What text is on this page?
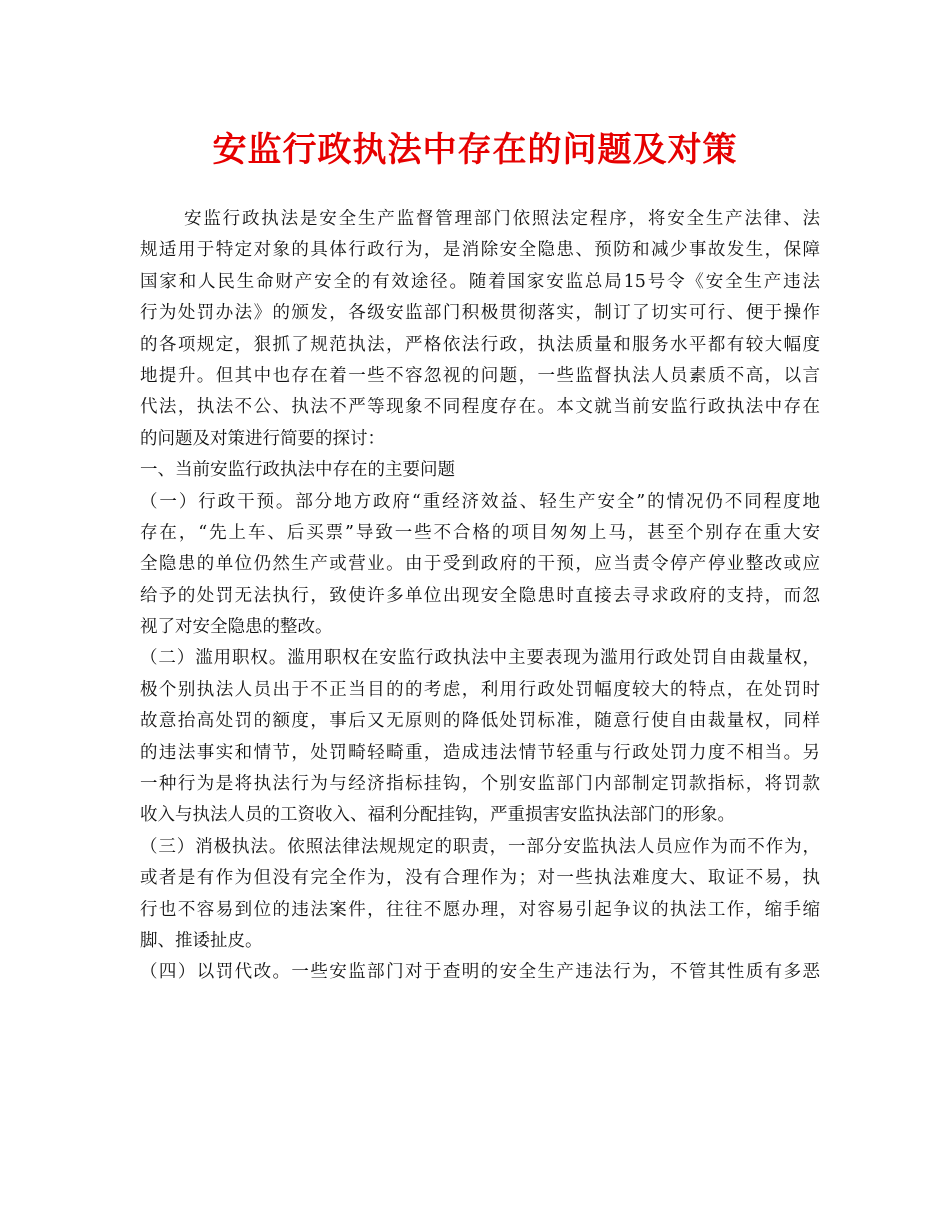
安监行政执法中存在的问题及对策
安监行政执法是安全生产监督管理部门依照法定程序，将安全生产法律、法
规适用于特定对象的具体行政行为，是消除安全隐患、预防和减少事故发生，保障
国家和人民生命财产安全的有效途径。随着国家安监总局15号令《安全生产违法
行为处罚办法》的颁发，各级安监部门积极贯彻落实，制订了切实可行、便于操作
的各项规定，狠抓了规范执法，严格依法行政，执法质量和服务水平都有较大幅度
地提升。但其中也存在着一些不容忽视的问题，一些监督执法人员素质不高，以言
代法，执法不公、执法不严等现象不同程度存在。本文就当前安监行政执法中存在
的问题及对策进行简要的探讨：
一、当前安监行政执法中存在的主要问题
（一）行政干预。部分地方政府“重经济效益、轻生产安全”的情况仍不同程度地
存在，“先上车、后买票”导致一些不合格的项目匆匆上马，甚至个别存在重大安
全隐患的单位仍然生产或营业。由于受到政府的干预，应当责令停产停业整改或应
给予的处罚无法执行，致使许多单位出现安全隐患时直接去寻求政府的支持，而忽
视了对安全隐患的整改。
（二）滥用职权。滥用职权在安监行政执法中主要表现为滥用行政处罚自由裁量权，
极个别执法人员出于不正当目的的考虑，利用行政处罚幅度较大的特点，在处罚时
故意抬高处罚的额度，事后又无原则的降低处罚标准，随意行使自由裁量权，同样
的违法事实和情节，处罚畸轻畸重，造成违法情节轻重与行政处罚力度不相当。另
一种行为是将执法行为与经济指标挂钩，个别安监部门内部制定罚款指标，将罚款
收入与执法人员的工资收入、福利分配挂钩，严重损害安监执法部门的形象。
（三）消极执法。依照法律法规规定的职责，一部分安监执法人员应作为而不作为，
或者是有作为但没有完全作为，没有合理作为；对一些执法难度大、取证不易，执
行也不容易到位的违法案件，往往不愿办理，对容易引起争议的执法工作，缩手缩
脚、推诿扯皮。
（四）以罚代改。一些安监部门对于查明的安全生产违法行为，不管其性质有多恶
